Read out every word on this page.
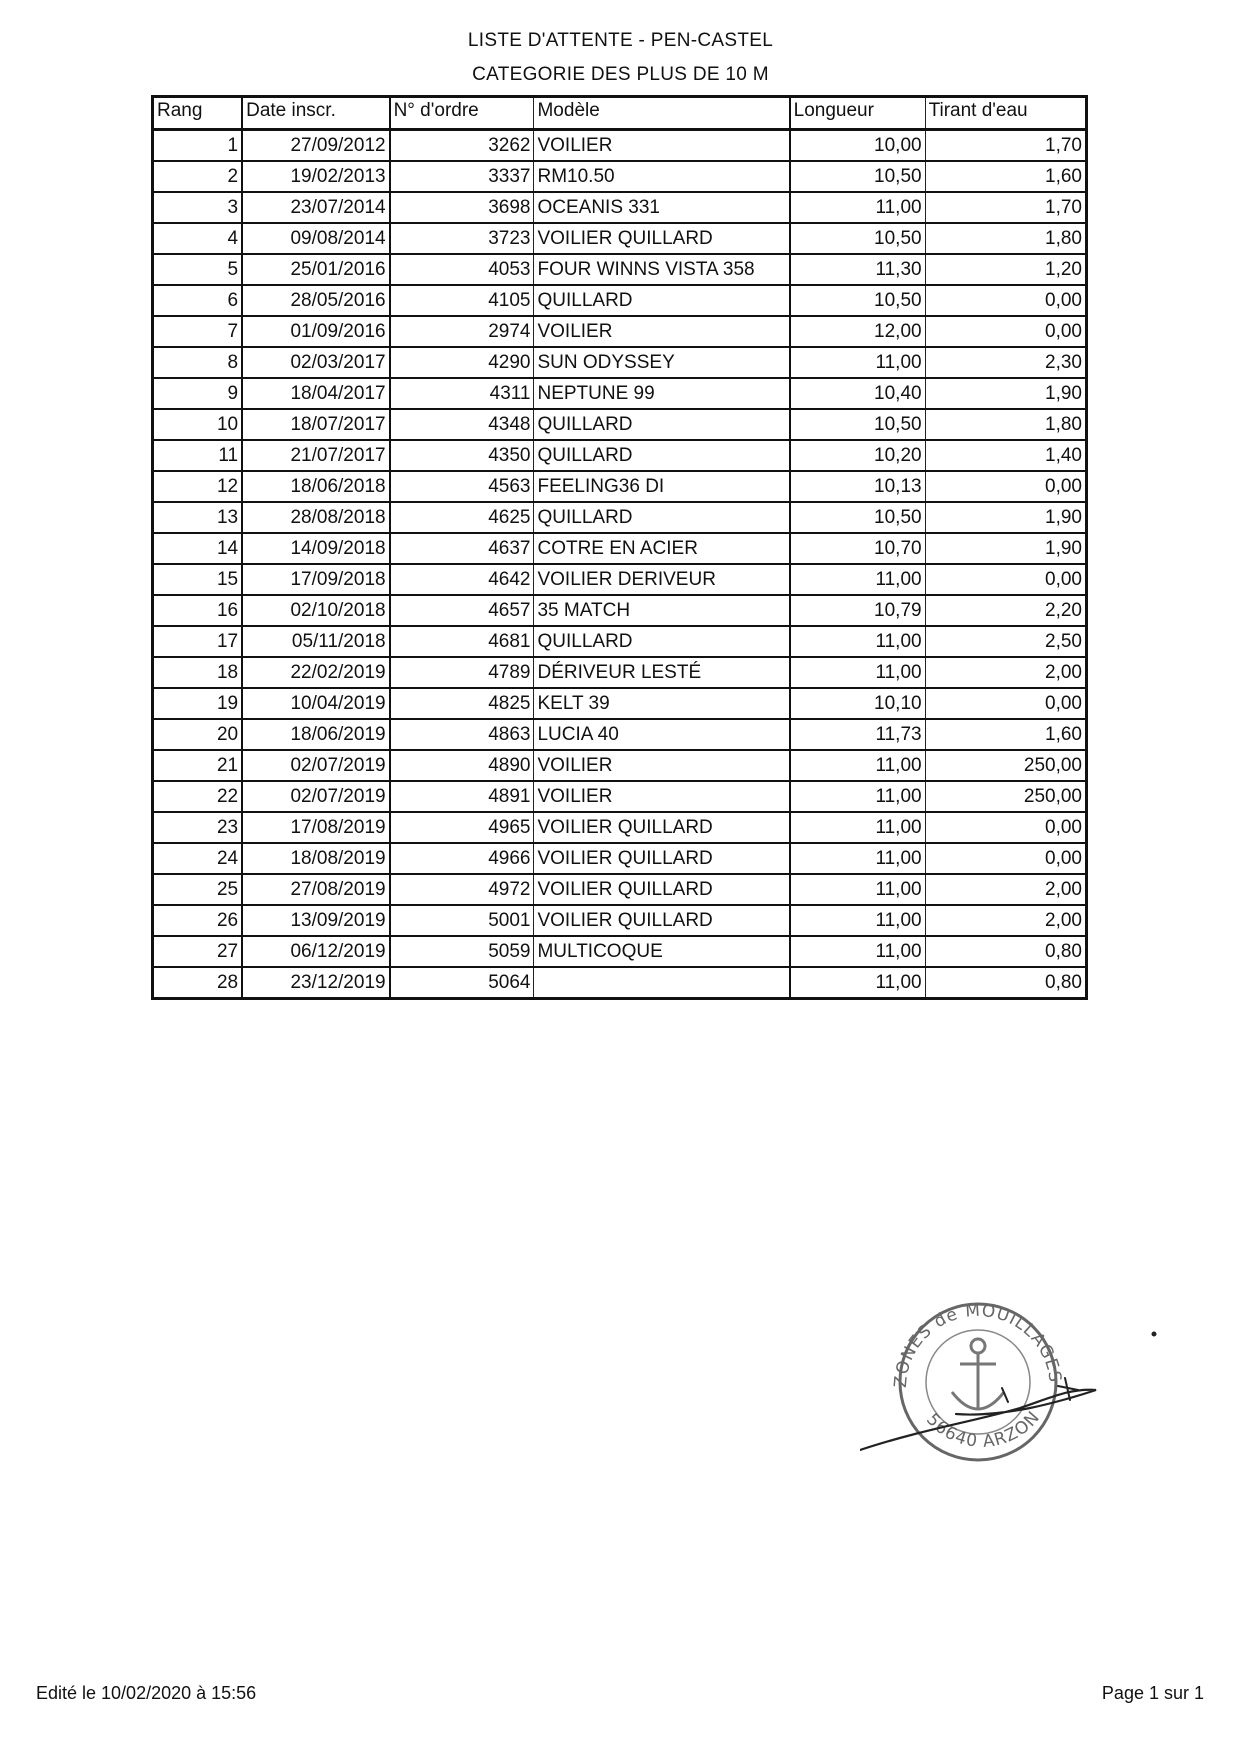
LISTE D'ATTENTE - PEN-CASTEL
CATEGORIE DES PLUS DE 10 M
Rang	Date inscr.	N° d'ordre	Modèle	Longueur	Tirant d'eau
1	27/09/2012	3262	VOILIER	10,00	1,70
2	19/02/2013	3337	RM10.50	10,50	1,60
3	23/07/2014	3698	OCEANIS 331	11,00	1,70
4	09/08/2014	3723	VOILIER QUILLARD	10,50	1,80
5	25/01/2016	4053	FOUR WINNS VISTA 358	11,30	1,20
6	28/05/2016	4105	QUILLARD	10,50	0,00
7	01/09/2016	2974	VOILIER	12,00	0,00
8	02/03/2017	4290	SUN ODYSSEY	11,00	2,30
9	18/04/2017	4311	NEPTUNE 99	10,40	1,90
10	18/07/2017	4348	QUILLARD	10,50	1,80
11	21/07/2017	4350	QUILLARD	10,20	1,40
12	18/06/2018	4563	FEELING36 DI	10,13	0,00
13	28/08/2018	4625	QUILLARD	10,50	1,90
14	14/09/2018	4637	COTRE EN ACIER	10,70	1,90
15	17/09/2018	4642	VOILIER DERIVEUR	11,00	0,00
16	02/10/2018	4657	35 MATCH	10,79	2,20
17	05/11/2018	4681	QUILLARD	11,00	2,50
18	22/02/2019	4789	DÉRIVEUR LESTÉ	11,00	2,00
19	10/04/2019	4825	KELT 39	10,10	0,00
20	18/06/2019	4863	LUCIA 40	11,73	1,60
21	02/07/2019	4890	VOILIER	11,00	250,00
22	02/07/2019	4891	VOILIER	11,00	250,00
23	17/08/2019	4965	VOILIER QUILLARD	11,00	0,00
24	18/08/2019	4966	VOILIER QUILLARD	11,00	0,00
25	27/08/2019	4972	VOILIER QUILLARD	11,00	2,00
26	13/09/2019	5001	VOILIER QUILLARD	11,00	2,00
27	06/12/2019	5059	MULTICOQUE	11,00	0,80
28	23/12/2019	5064		11,00	0,80
ZONES de MOUILLAGES
56640 ARZON
Edité le 10/02/2020 à 15:56	Page 1 sur 1
